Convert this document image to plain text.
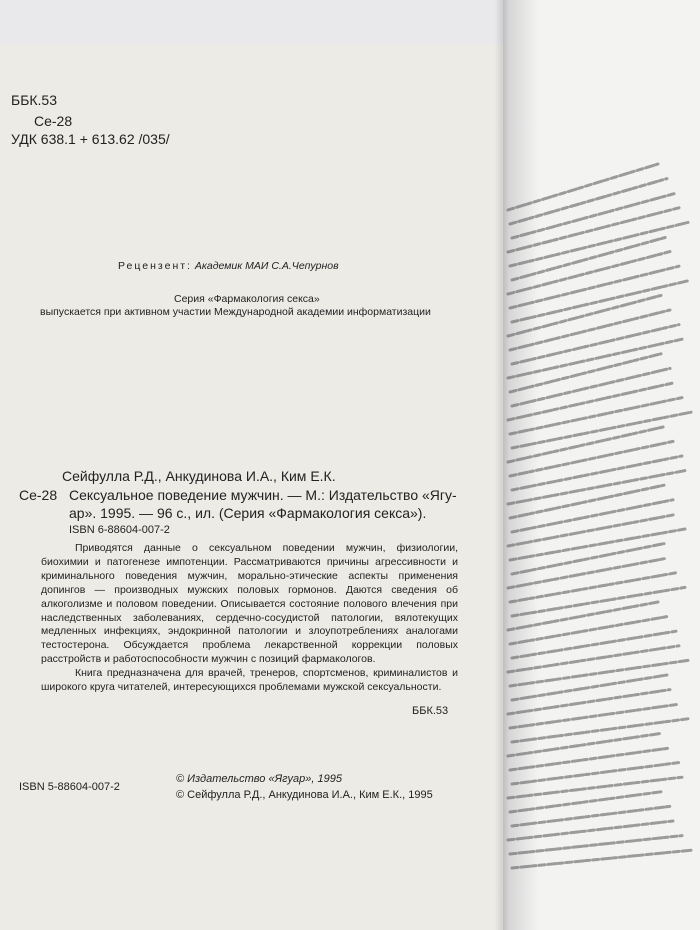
ББК.53
Се-28
УДК 638.1 + 613.62 /035/
Рецензент: Академик МАИ С.А.Чепурнов
Серия «Фармакология секса»
выпускается при активном участии Международной академии информатизации
Сейфулла Р.Д., Анкудинова И.А., Ким Е.К.
Се-28 Сексуальное поведение мужчин. — М.: Издательство «Ягу-
ар». 1995. — 96 с., ил. (Серия «Фармакология секса»).
ISBN 6-88604-007-2

Приводятся данные о сексуальном поведении мужчин, физиологии, биохимии и патогенезе импотенции. Рассматриваются причины агрессивности и криминального поведения мужчин, морально-этические аспекты применения допингов — производных мужских половых гормонов. Даются сведения об алкоголизме и половом поведении. Описывается состояние полового влечения при наследственных заболеваниях, сердечно-сосудистой патологии, вялотекущих медленных инфекциях, эндокринной патологии и злоупотреблениях аналогами тестостерона. Обсуждается проблема лекарственной коррекции половых расстройств и работоспособности мужчин с позиций фармакологов.

Книга предназначена для врачей, тренеров, спортсменов, криминалистов и широкого круга читателей, интересующихся проблемами мужской сексуальности.

ББК.53
ISBN 5-88604-007-2
© Издательство «Ягуар», 1995
© Сейфулла Р.Д., Анкудинова И.А., Ким Е.К., 1995
